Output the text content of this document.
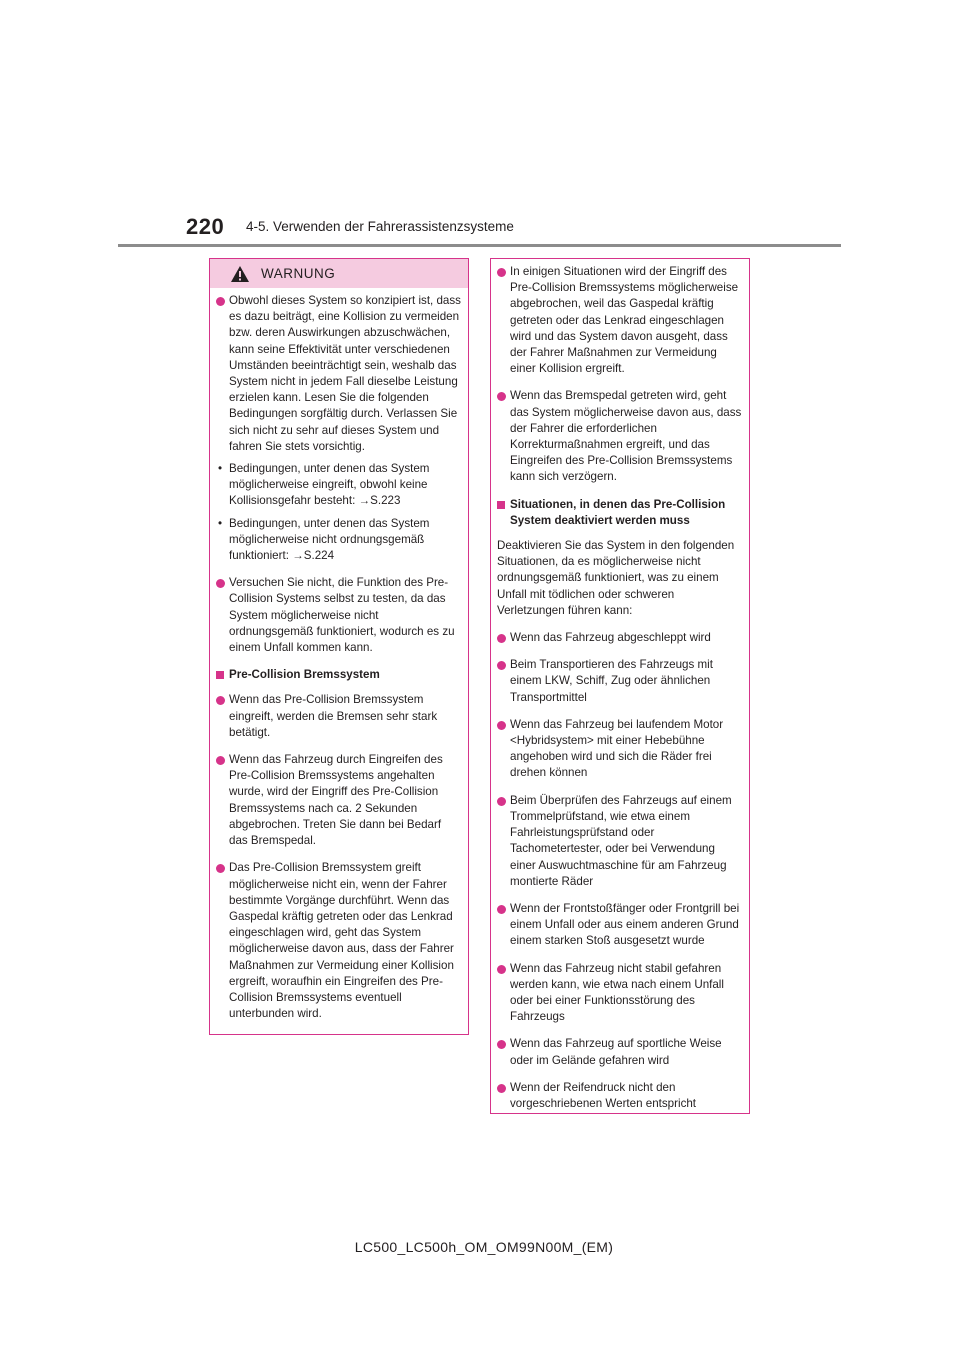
220 4-5. Verwenden der Fahrerassistenzsysteme
WARNUNG
Obwohl dieses System so konzipiert ist, dass es dazu beiträgt, eine Kollision zu vermeiden bzw. deren Auswirkungen abzuschwächen, kann seine Effektivität unter verschiedenen Umständen beeinträchtigt sein, weshalb das System nicht in jedem Fall dieselbe Leistung erzielen kann. Lesen Sie die folgenden Bedingungen sorgfältig durch. Verlassen Sie sich nicht zu sehr auf dieses System und fahren Sie stets vorsichtig.
• Bedingungen, unter denen das System möglicherweise eingreift, obwohl keine Kollisionsgefahr besteht: →S.223
• Bedingungen, unter denen das System möglicherweise nicht ordnungsgemäß funktioniert: →S.224
Versuchen Sie nicht, die Funktion des Pre-Collision Systems selbst zu testen, da das System möglicherweise nicht ordnungsgemäß funktioniert, wodurch es zu einem Unfall kommen kann.
Pre-Collision Bremssystem
Wenn das Pre-Collision Bremssystem eingreift, werden die Bremsen sehr stark betätigt.
Wenn das Fahrzeug durch Eingreifen des Pre-Collision Bremssystems angehalten wurde, wird der Eingriff des Pre-Collision Bremssystems nach ca. 2 Sekunden abgebrochen. Treten Sie dann bei Bedarf das Bremspedal.
Das Pre-Collision Bremssystem greift möglicherweise nicht ein, wenn der Fahrer bestimmte Vorgänge durchführt. Wenn das Gaspedal kräftig getreten oder das Lenkrad eingeschlagen wird, geht das System möglicherweise davon aus, dass der Fahrer Maßnahmen zur Vermeidung einer Kollision ergreift, woraufhin ein Eingreifen des Pre-Collision Bremssystems eventuell unterbunden wird.
In einigen Situationen wird der Eingriff des Pre-Collision Bremssystems möglicherweise abgebrochen, weil das Gaspedal kräftig getreten oder das Lenkrad eingeschlagen wird und das System davon ausgeht, dass der Fahrer Maßnahmen zur Vermeidung einer Kollision ergreift.
Wenn das Bremspedal getreten wird, geht das System möglicherweise davon aus, dass der Fahrer die erforderlichen Korrekturmaßnahmen ergreift, und das Eingreifen des Pre-Collision Bremssystems kann sich verzögern.
Situationen, in denen das Pre-Collision System deaktiviert werden muss
Deaktivieren Sie das System in den folgenden Situationen, da es möglicherweise nicht ordnungsgemäß funktioniert, was zu einem Unfall mit tödlichen oder schweren Verletzungen führen kann:
Wenn das Fahrzeug abgeschleppt wird
Beim Transportieren des Fahrzeugs mit einem LKW, Schiff, Zug oder ähnlichen Transportmittel
Wenn das Fahrzeug bei laufendem Motor <Hybridsystem> mit einer Hebebühne angehoben wird und sich die Räder frei drehen können
Beim Überprüfen des Fahrzeugs auf einem Trommelprüfstand, wie etwa einem Fahrleistungsprüfstand oder Tachometertester, oder bei Verwendung einer Auswuchtmaschine für am Fahrzeug montierte Räder
Wenn der Frontstoßfänger oder Frontgrill bei einem Unfall oder aus einem anderen Grund einem starken Stoß ausgesetzt wurde
Wenn das Fahrzeug nicht stabil gefahren werden kann, wie etwa nach einem Unfall oder bei einer Funktionsstörung des Fahrzeugs
Wenn das Fahrzeug auf sportliche Weise oder im Gelände gefahren wird
Wenn der Reifendruck nicht den vorgeschriebenen Werten entspricht
LC500_LC500h_OM_OM99N00M_(EM)
